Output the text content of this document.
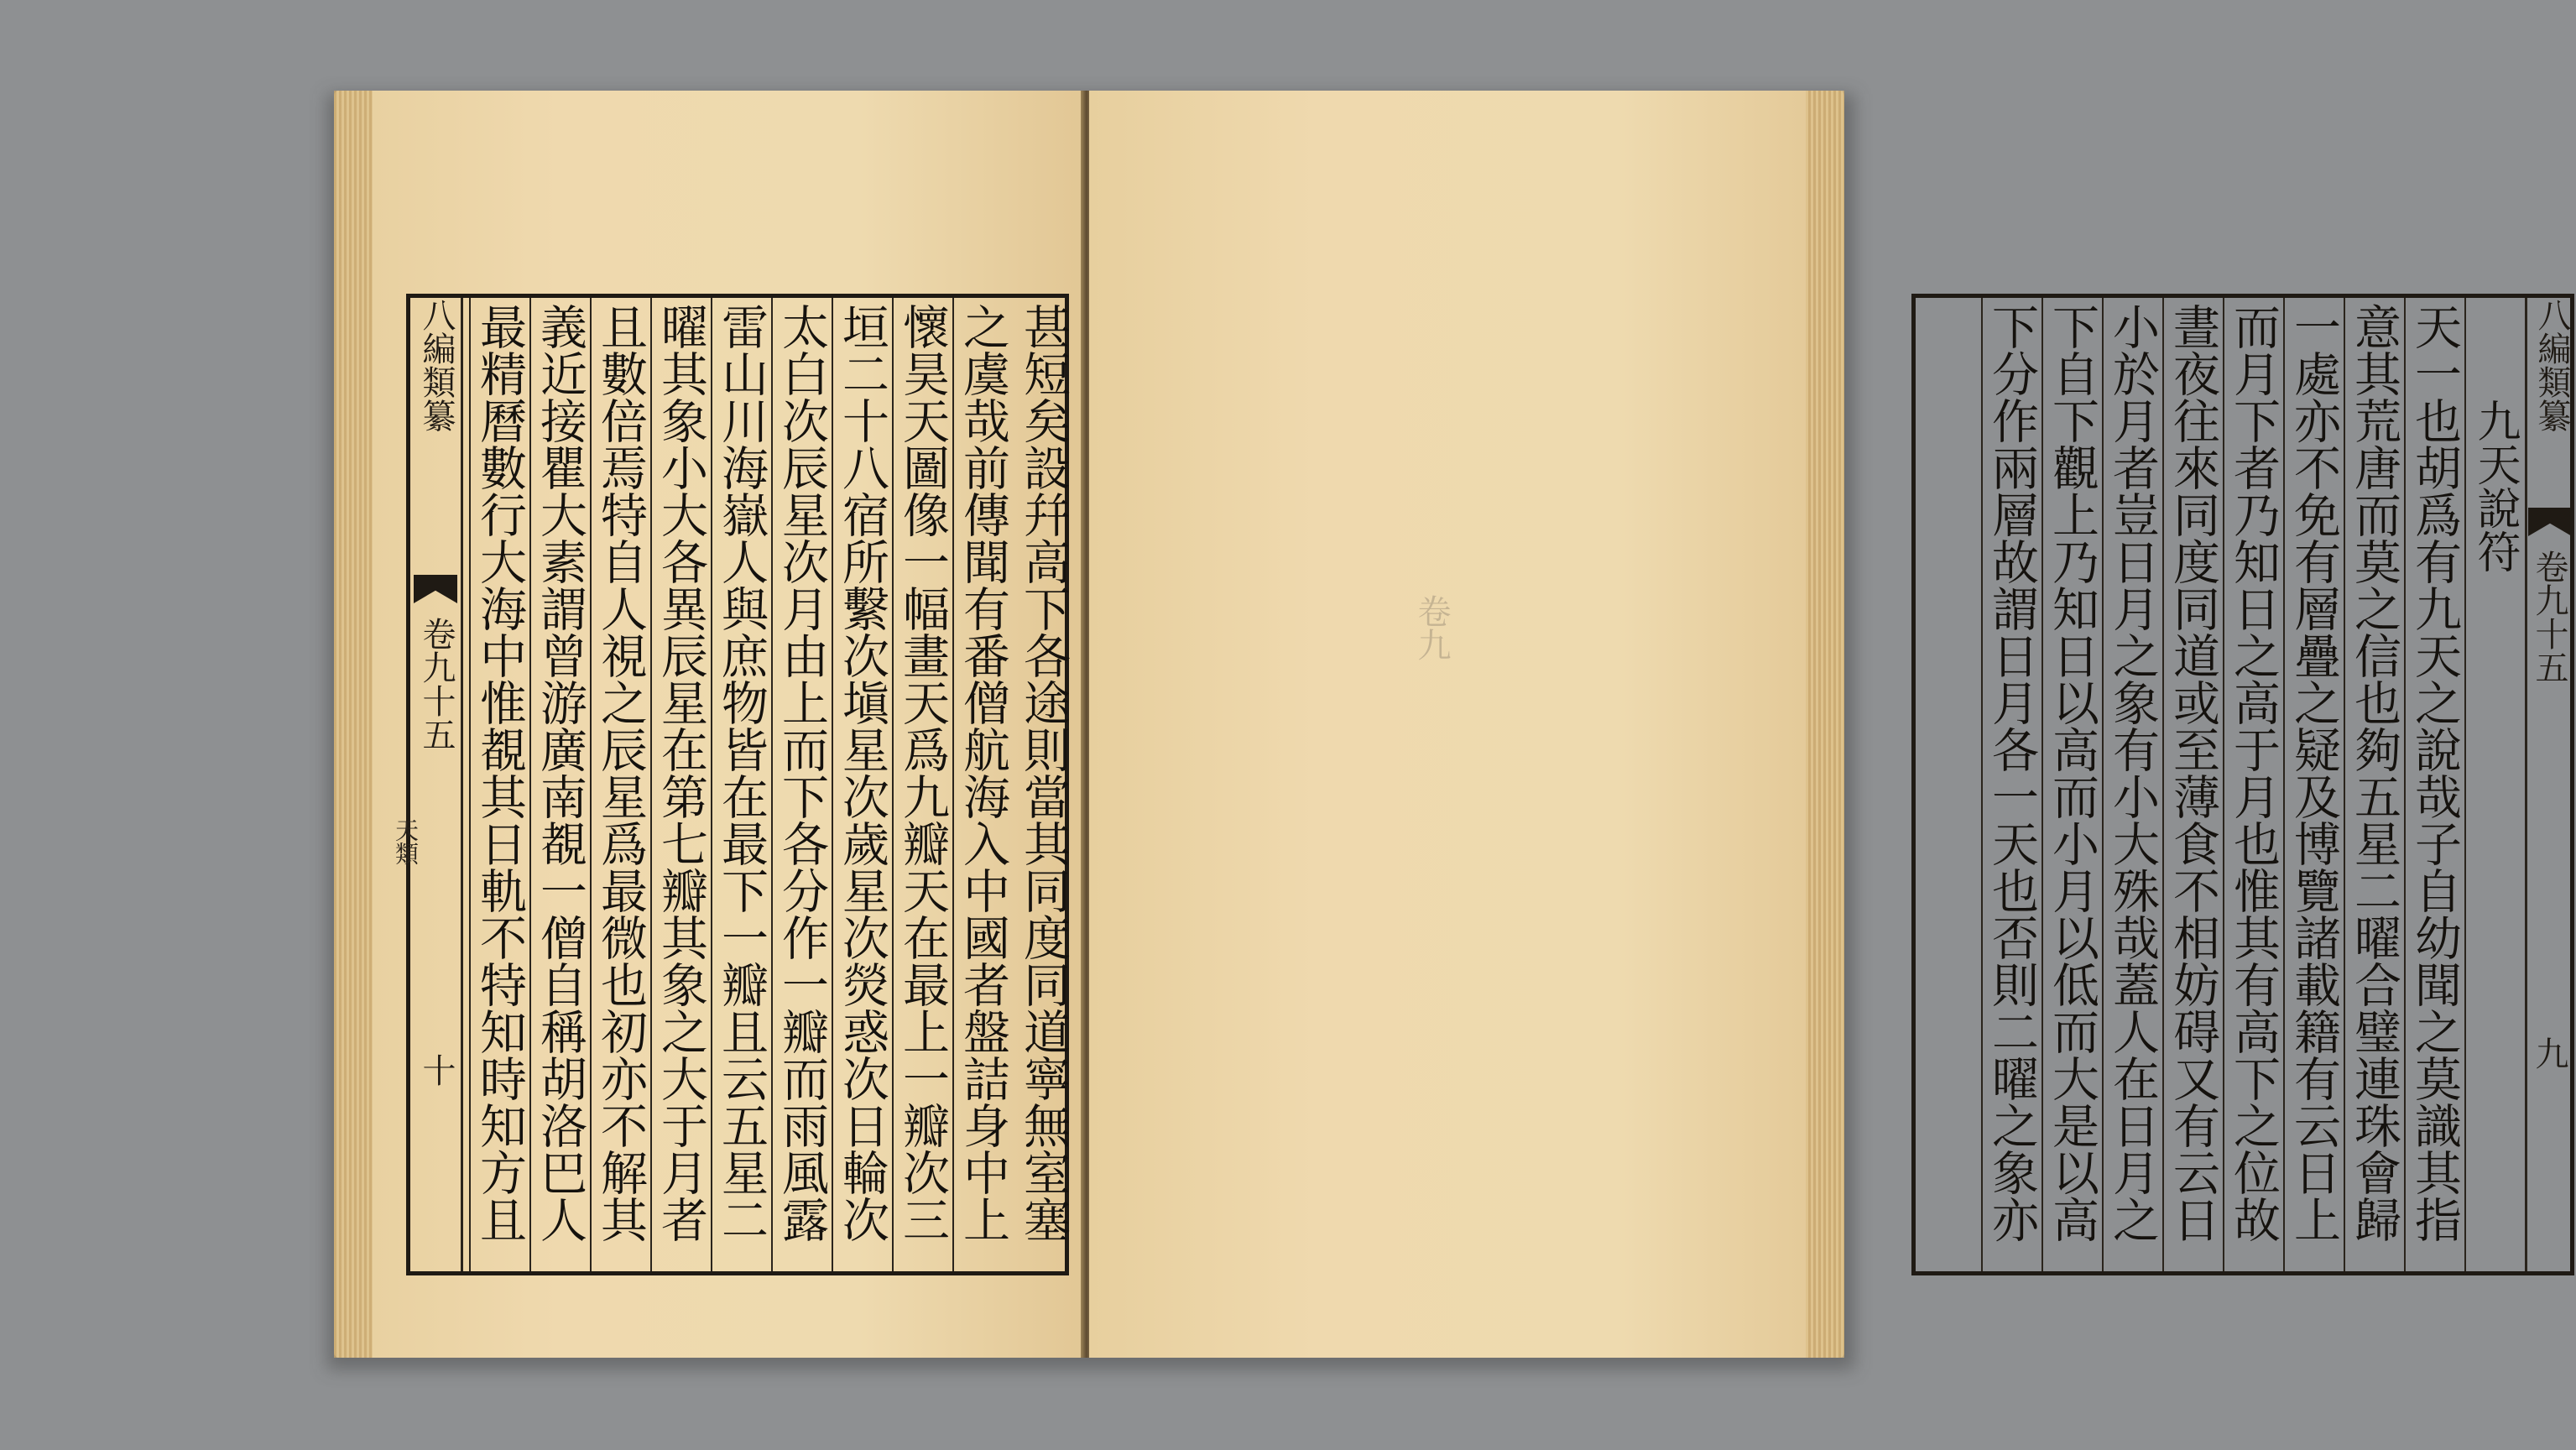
甚短矣設幷高下各途則當其同度同道寧無室塞
之虞哉前傳聞有番僧航海入中國者盤詰身中上
懷昊天圖像一幅畫天爲九瓣天在最上一瓣次三
垣二十八宿所繫次塡星次歲星次熒惑次日輪次
太白次辰星次月由上而下各分作一瓣而雨風露
雷山川海嶽人與庶物皆在最下一瓣且云五星二
曜其象小大各異辰星在第七瓣其象之大于月者
且數倍焉特自人視之辰星爲最微也初亦不解其
義近接瞿大素謂曾游廣南覩一僧自稱胡洛巴人
最精曆數行大海中惟覩其日軌不特知時知方且
八編類纂
卷九十五
天類
十
卷九
八編類纂
卷九十五
九
九天說符
天一也胡爲有九天之說哉子自幼聞之莫識其指
意其荒唐而莫之信也夠五星二曜合璧連珠會歸
一處亦不免有層疊之疑及博覽諸載籍有云日上
而月下者乃知日之高于月也惟其有高下之位故
晝夜往來同度同道或至薄食不相妨碍又有云日
小於月者豈日月之象有小大殊哉蓋人在日月之
下自下觀上乃知日以高而小月以低而大是以高
下分作兩層故謂日月各一天也否則二曜之象亦
